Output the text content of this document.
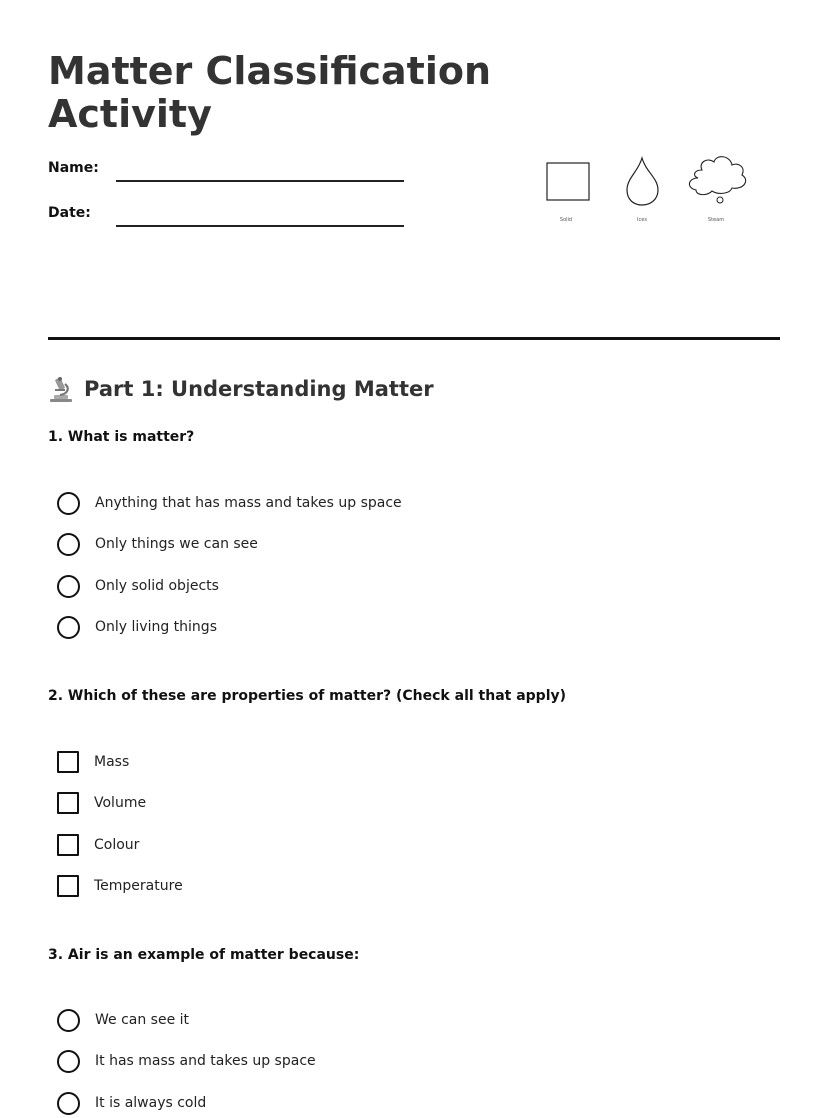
Matter Classification
Activity
Name:
Date:	Solid	Ices	Steam
Part 1: Understanding Matter
1. What is matter?
Anything that has mass and takes up space
Only things we can see
Only solid objects
Only living things
2. Which of these are properties of matter? (Check all that apply)
Mass
Volume
Colour
Temperature
3. Air is an example of matter because:
We can see it
It has mass and takes up space
It is always cold
